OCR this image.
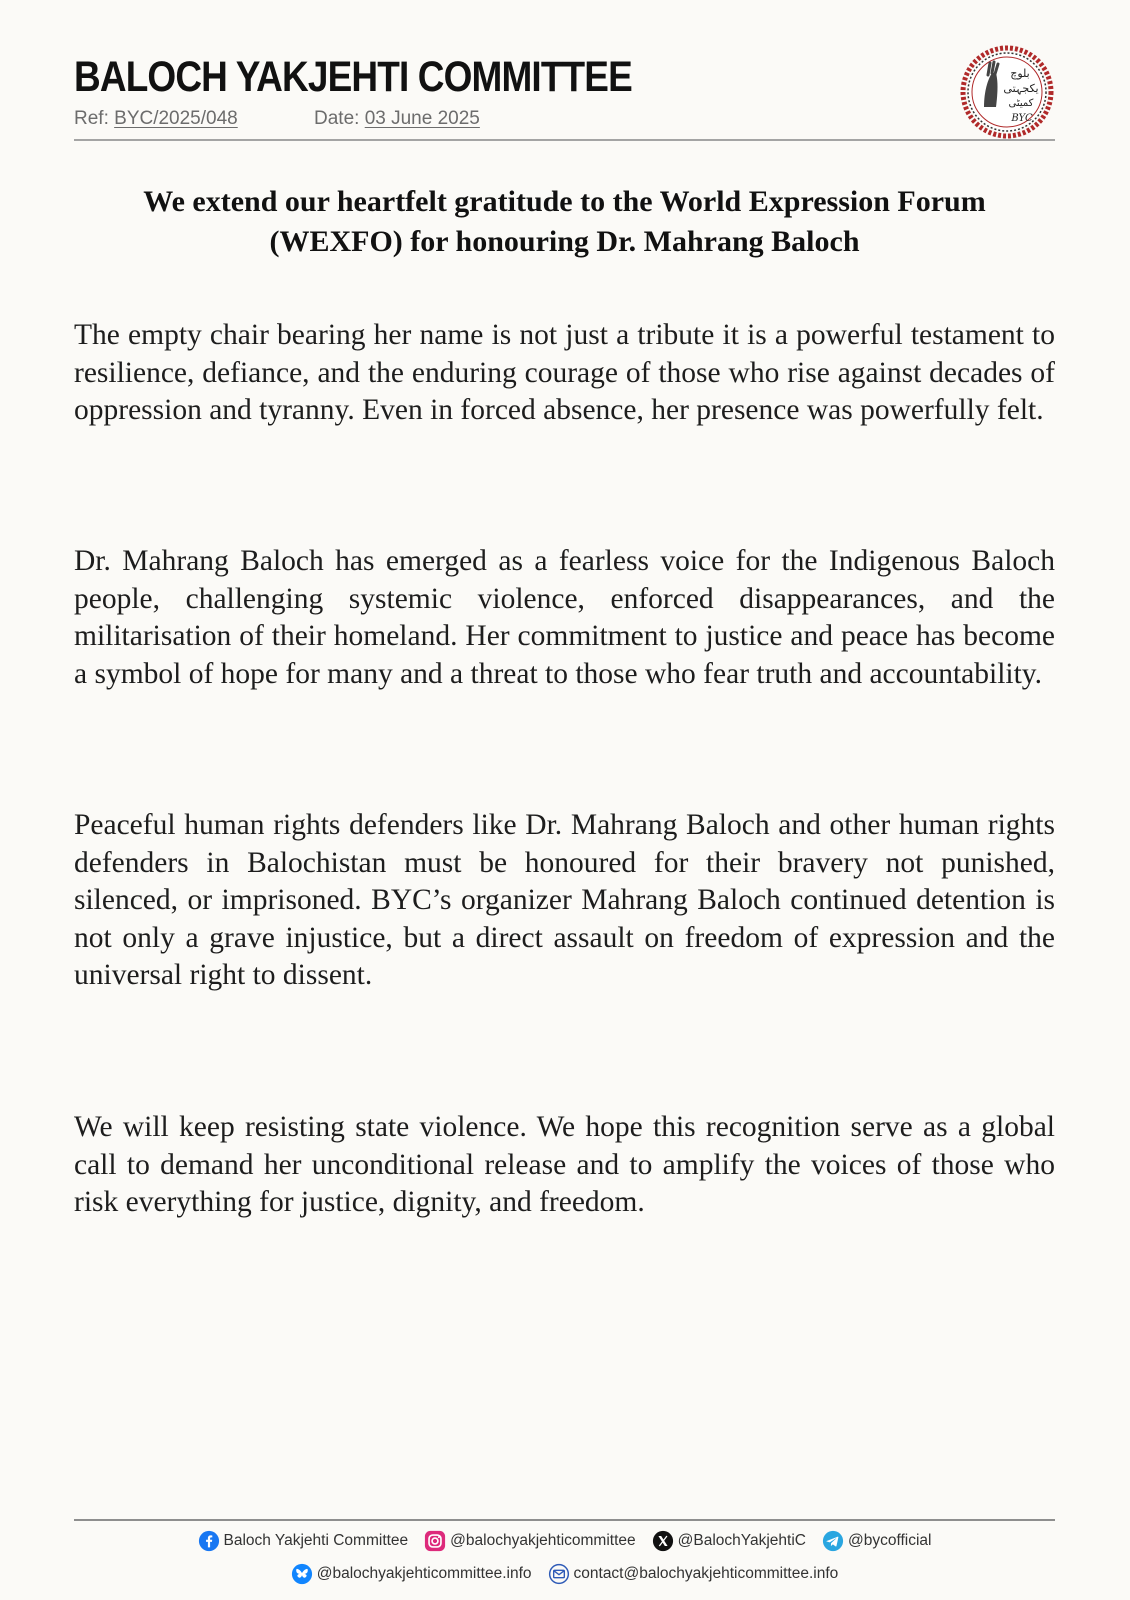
BALOCH YAKJEHTI COMMITTEE
Ref: BYC/2025/048	Date: 03 June 2025
بلوچ
یکجہتی
کمیٹی
BYC
We extend our heartfelt gratitude to the World Expression Forum (WEXFO) for honouring Dr. Mahrang Baloch
The empty chair bearing her name is not just a tribute it is a powerful testament to resilience, defiance, and the enduring courage of those who rise against decades of oppression and tyranny. Even in forced absence, her presence was powerfully felt.
Dr. Mahrang Baloch has emerged as a fearless voice for the Indigenous Baloch people, challenging systemic violence, enforced disappearances, and the militarisation of their homeland. Her commitment to justice and peace has become a symbol of hope for many and a threat to those who fear truth and accountability.
Peaceful human rights defenders like Dr. Mahrang Baloch and other human rights defenders in Balochistan must be honoured for their bravery not punished, silenced, or imprisoned. BYC’s organizer Mahrang Baloch continued detention is not only a grave injustice, but a direct assault on freedom of expression and the universal right to dissent.
We will keep resisting state violence. We hope this recognition serve as a global call to demand her unconditional release and to amplify the voices of those who risk everything for justice, dignity, and freedom.
Baloch Yakjehti Committee	@balochyakjehticommittee	@BalochYakjehtiC	@bycofficial
@balochyakjehticommittee.info	contact@balochyakjehticommittee.info
